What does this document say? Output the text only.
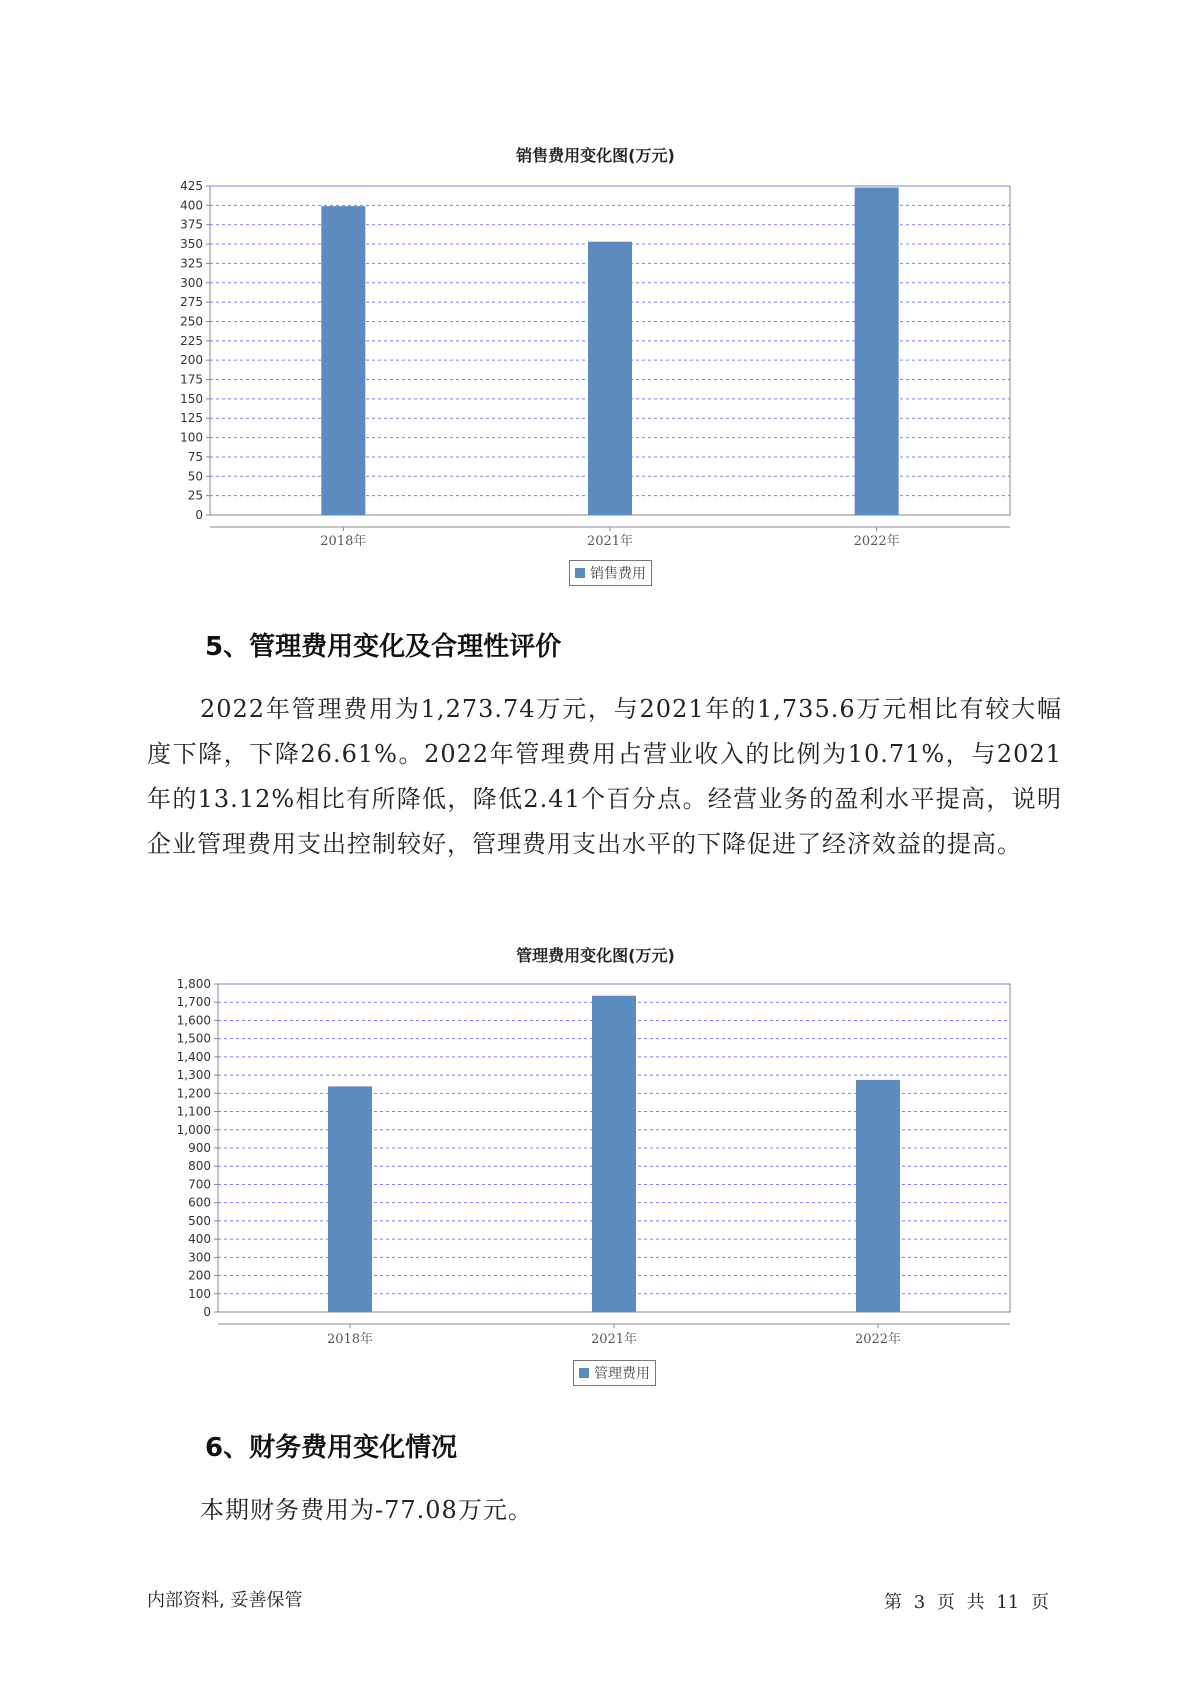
销售费用变化图(万元)
0
25
50
75
100
125
150
175
200
225
250
275
300
325
350
375
400
425
2018年	2021年	2022年
销售费用
5、管理费用变化及合理性评价

2022年管理费用为1,273.74万元，与2021年的1,735.6万元相比有较大幅度下降，下降26.61%。2022年管理费用占营业收入的比例为10.71%，与2021年的13.12%相比有所降低，降低2.41个百分点。经营业务的盈利水平提高，说明企业管理费用支出控制较好，管理费用支出水平的下降促进了经济效益的提高。

管理费用变化图(万元)
0
100
200
300
400
500
600
700
800
900
1,000
1,100
1,200
1,300
1,400
1,500
1,600
1,700
1,800
2018年	2021年	2022年
管理费用
6、财务费用变化情况

本期财务费用为-77.08万元。

内部资料, 妥善保管	第 3 页 共 11 页
